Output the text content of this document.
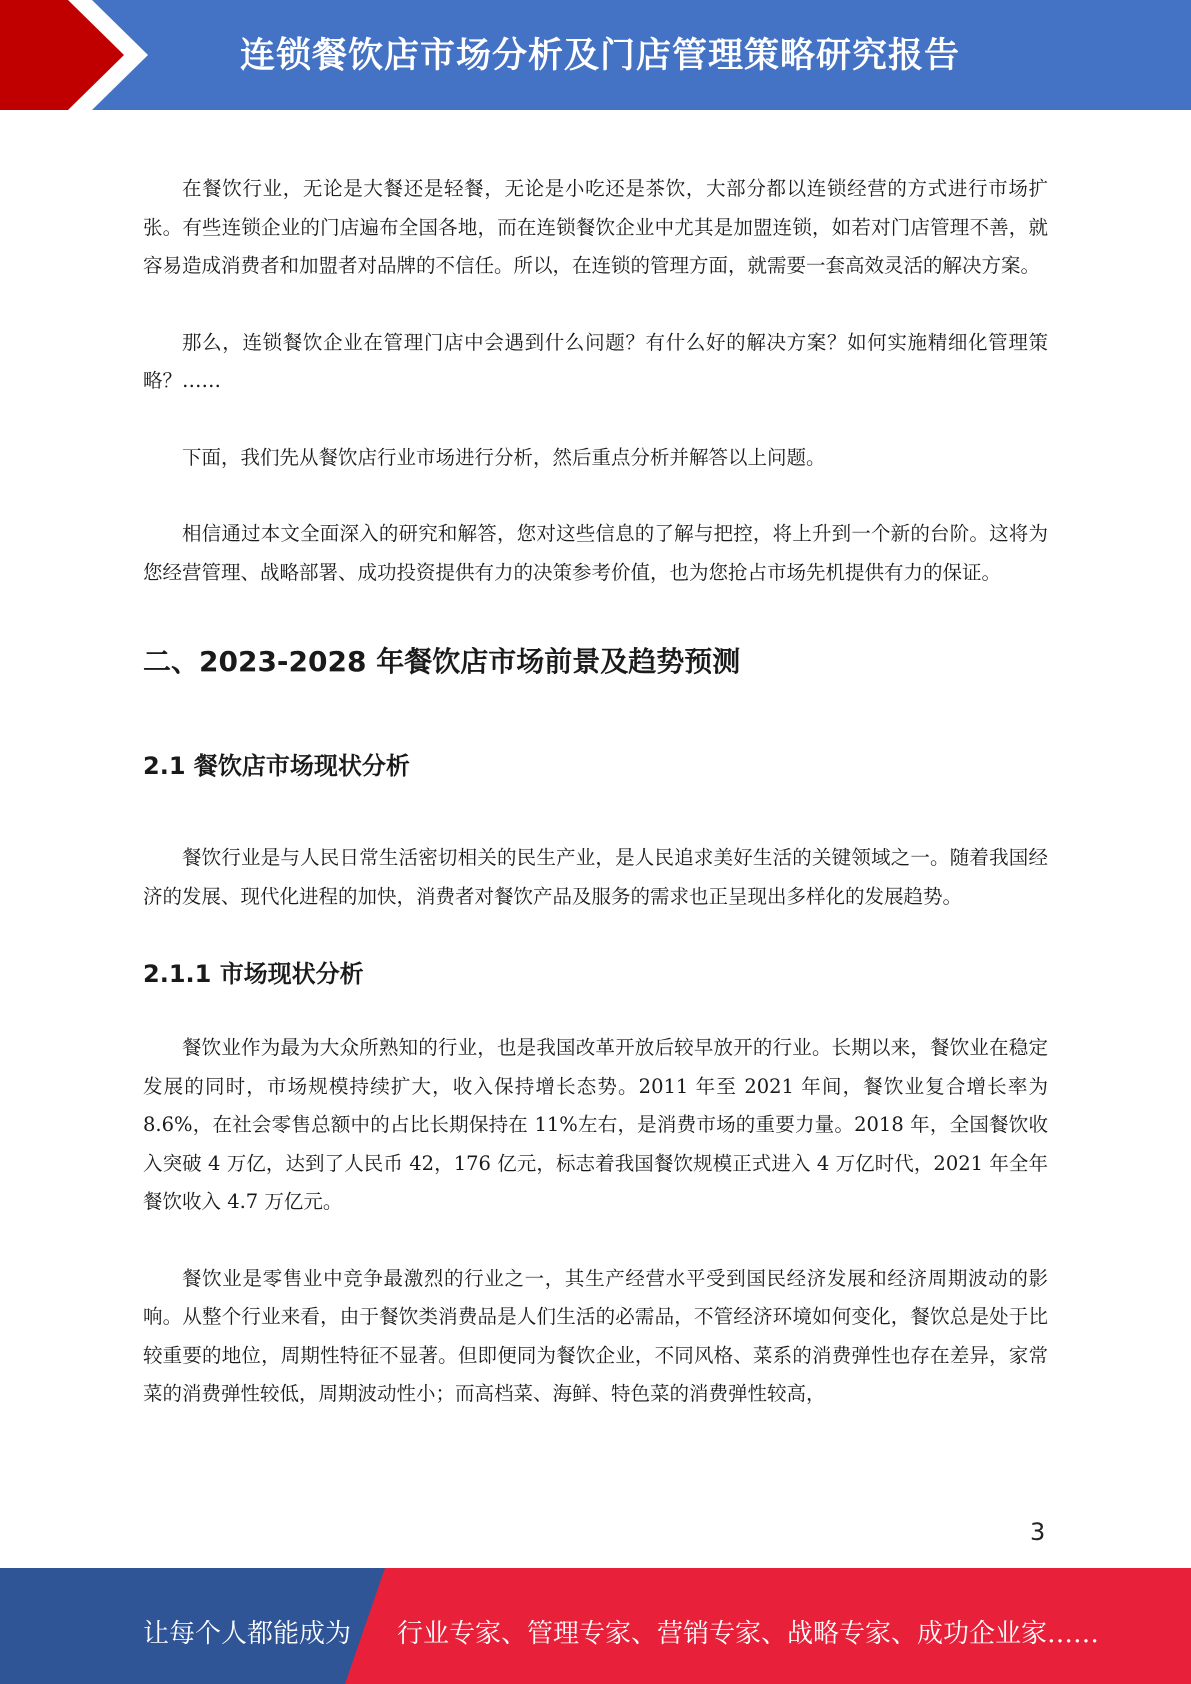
连锁餐饮店市场分析及门店管理策略研究报告

在餐饮行业，无论是大餐还是轻餐，无论是小吃还是茶饮，大部分都以连锁经营的方式进行市场扩张。有些连锁企业的门店遍布全国各地，而在连锁餐饮企业中尤其是加盟连锁，如若对门店管理不善，就容易造成消费者和加盟者对品牌的不信任。所以，在连锁的管理方面，就需要一套高效灵活的解决方案。

那么，连锁餐饮企业在管理门店中会遇到什么问题？有什么好的解决方案？如何实施精细化管理策略？……

下面，我们先从餐饮店行业市场进行分析，然后重点分析并解答以上问题。

相信通过本文全面深入的研究和解答，您对这些信息的了解与把控，将上升到一个新的台阶。这将为您经营管理、战略部署、成功投资提供有力的决策参考价值，也为您抢占市场先机提供有力的保证。

二、2023-2028 年餐饮店市场前景及趋势预测
2.1 餐饮店市场现状分析

餐饮行业是与人民日常生活密切相关的民生产业，是人民追求美好生活的关键领域之一。随着我国经济的发展、现代化进程的加快，消费者对餐饮产品及服务的需求也正呈现出多样化的发展趋势。

2.1.1 市场现状分析

餐饮业作为最为大众所熟知的行业，也是我国改革开放后较早放开的行业。长期以来，餐饮业在稳定发展的同时，市场规模持续扩大，收入保持增长态势。2011 年至 2021 年间，餐饮业复合增长率为 8.6%，在社会零售总额中的占比长期保持在 11%左右，是消费市场的重要力量。2018 年，全国餐饮收入突破 4 万亿，达到了人民币 42，176 亿元，标志着我国餐饮规模正式进入 4 万亿时代，2021 年全年餐饮收入 4.7 万亿元。

餐饮业是零售业中竞争最激烈的行业之一，其生产经营水平受到国民经济发展和经济周期波动的影响。从整个行业来看，由于餐饮类消费品是人们生活的必需品，不管经济环境如何变化，餐饮总是处于比较重要的地位，周期性特征不显著。但即便同为餐饮企业，不同风格、菜系的消费弹性也存在差异，家常菜的消费弹性较低，周期波动性小；而高档菜、海鲜、特色菜的消费弹性较高，

3
让每个人都能成为 行业专家、管理专家、营销专家、战略专家、成功企业家……
